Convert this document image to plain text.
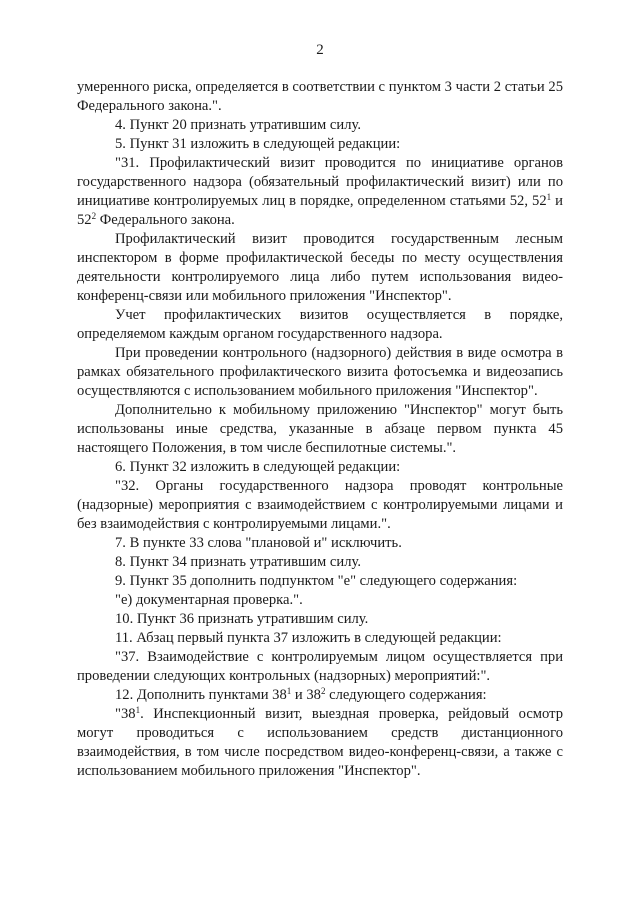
2

умеренного риска, определяется в соответствии с пунктом 3 части 2 статьи 25 Федерального закона.".

4. Пункт 20 признать утратившим силу.

5. Пункт 31 изложить в следующей редакции:

"31. Профилактический визит проводится по инициативе органов государственного надзора (обязательный профилактический визит) или по инициативе контролируемых лиц в порядке, определенном статьями 52, $52^1$ и $52^2$ Федерального закона.

Профилактический визит проводится государственным лесным инспектором в форме профилактической беседы по месту осуществления деятельности контролируемого лица либо путем использования видео-конференц-связи или мобильного приложения "Инспектор".

Учет профилактических визитов осуществляется в порядке, определяемом каждым органом государственного надзора.

При проведении контрольного (надзорного) действия в виде осмотра в рамках обязательного профилактического визита фотосъемка и видеозапись осуществляются с использованием мобильного приложения "Инспектор".

Дополнительно к мобильному приложению "Инспектор" могут быть использованы иные средства, указанные в абзаце первом пункта 45 настоящего Положения, в том числе беспилотные системы.".

6. Пункт 32 изложить в следующей редакции:

"32. Органы государственного надзора проводят контрольные (надзорные) мероприятия с взаимодействием с контролируемыми лицами и без взаимодействия с контролируемыми лицами.".

7. В пункте 33 слова "плановой и" исключить.

8. Пункт 34 признать утратившим силу.

9. Пункт 35 дополнить подпунктом "е" следующего содержания:

"е) документарная проверка.".

10. Пункт 36 признать утратившим силу.

11. Абзац первый пункта 37 изложить в следующей редакции:

"37. Взаимодействие с контролируемым лицом осуществляется при проведении следующих контрольных (надзорных) мероприятий:".

12. Дополнить пунктами $38^1$ и $38^2$ следующего содержания:

"$38^1$. Инспекционный визит, выездная проверка, рейдовый осмотр могут проводиться с использованием средств дистанционного взаимодействия, в том числе посредством видео-конференц-связи, а также с использованием мобильного приложения "Инспектор".
